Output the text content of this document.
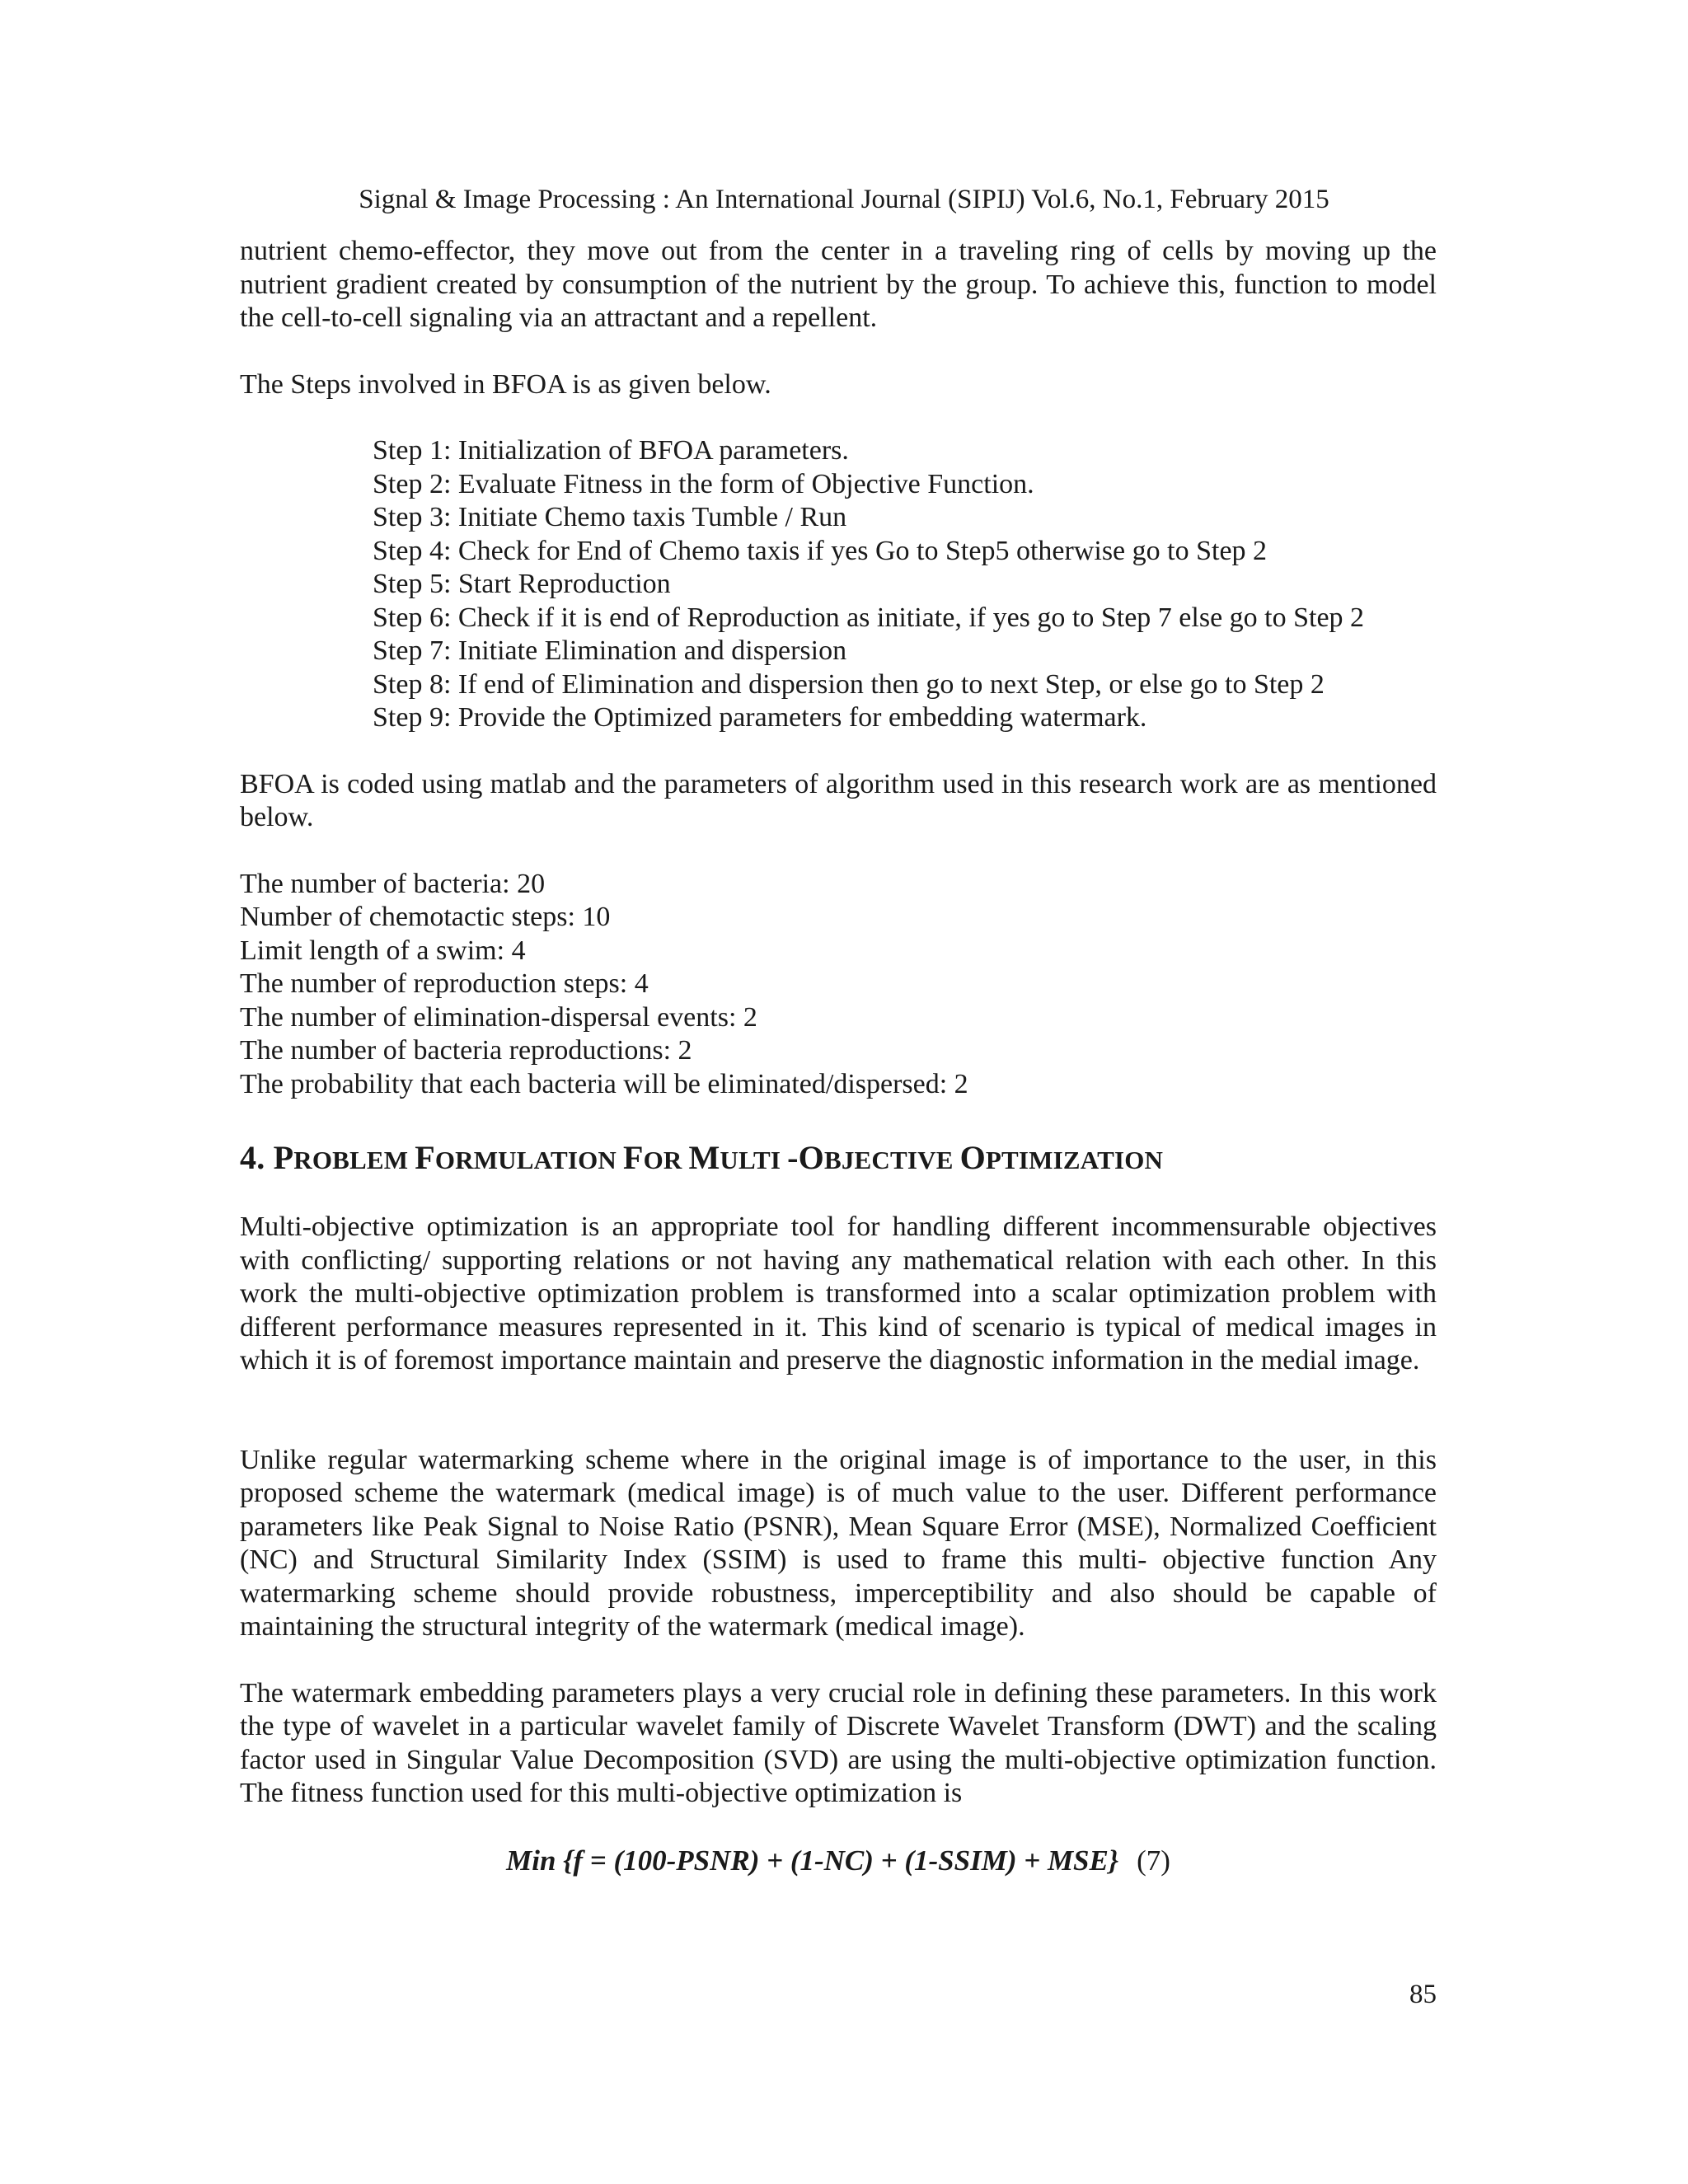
Signal & Image Processing : An International Journal (SIPIJ) Vol.6, No.1, February 2015

nutrient chemo-effector, they move out from the center in a traveling ring of cells by moving up the nutrient gradient created by consumption of the nutrient by the group. To achieve this, function to model the cell-to-cell signaling via an attractant and a repellent.

The Steps involved in BFOA is as given below.

Step 1: Initialization of BFOA parameters.
Step 2: Evaluate Fitness in the form of Objective Function.
Step 3: Initiate Chemo taxis Tumble / Run
Step 4: Check for End of Chemo taxis if yes Go to Step5 otherwise go to Step 2
Step 5: Start Reproduction
Step 6: Check if it is end of Reproduction as initiate, if yes go to Step 7 else go to Step 2
Step 7: Initiate Elimination and dispersion
Step 8: If end of Elimination and dispersion then go to next Step, or else go to Step 2
Step 9: Provide the Optimized parameters for embedding watermark.

BFOA is coded using matlab and the parameters of algorithm used in this research work are as mentioned below.

The number of bacteria: 20
Number of chemotactic steps: 10
Limit length of a swim: 4
The number of reproduction steps: 4
The number of elimination-dispersal events: 2
The number of bacteria reproductions: 2
The probability that each bacteria will be eliminated/dispersed: 2
4. PROBLEM FORMULATION FOR MULTI -OBJECTIVE OPTIMIZATION

Multi-objective optimization is an appropriate tool for handling different incommensurable objectives with conflicting/ supporting relations or not having any mathematical relation with each other. In this work the multi-objective optimization problem is transformed into a scalar optimization problem with different performance measures represented in it. This kind of scenario is typical of medical images in which it is of foremost importance maintain and preserve the diagnostic information in the medial image.

Unlike regular watermarking scheme where in the original image is of importance to the user, in this proposed scheme the watermark (medical image) is of much value to the user. Different performance parameters like Peak Signal to Noise Ratio (PSNR), Mean Square Error (MSE), Normalized Coefficient (NC) and Structural Similarity Index (SSIM) is used to frame this multi- objective function Any watermarking scheme should provide robustness, imperceptibility and also should be capable of maintaining the structural integrity of the watermark (medical image).

The watermark embedding parameters plays a very crucial role in defining these parameters. In this work the type of wavelet in a particular wavelet family of Discrete Wavelet Transform (DWT) and the scaling factor used in Singular Value Decomposition (SVD) are using the multi-objective optimization function. The fitness function used for this multi-objective optimization is

Min {f = (100-PSNR) + (1-NC) + (1-SSIM) + MSE} (7)
85
